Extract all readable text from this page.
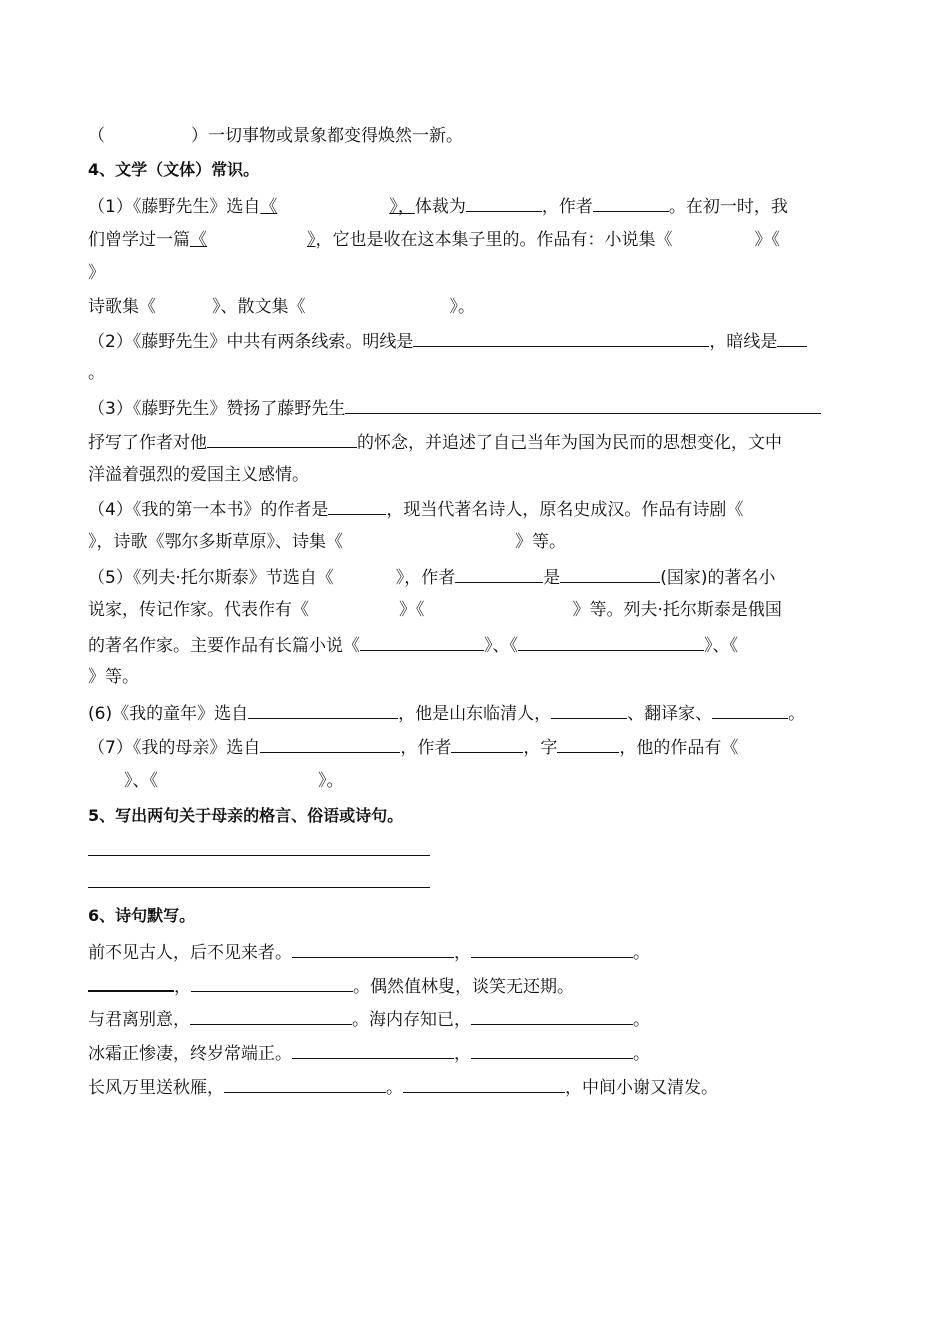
（	）一切事物或景象都变得焕然一新。
4、文学（文体）常识。
（1）《藤野先生》选自《	》，体裁为	，作者	。在初一时，我
们曾学过一篇《	》，它也是收在这本集子里的。作品有：小说集《	》《
》
诗歌集《	》、散文集《	》。
（2）《藤野先生》中共有两条线索。明线是	，暗线是
。
（3）《藤野先生》赞扬了藤野先生
抒写了作者对他	的怀念，并追述了自己当年为国为民而的思想变化，文中
洋溢着强烈的爱国主义感情。
（4）《我的第一本书》的作者是	，现当代著名诗人，原名史成汉。作品有诗剧《
》，诗歌《鄂尔多斯草原》、诗集《	》等。
（5）《列夫·托尔斯泰》节选自《	》，作者	是	(国家)的著名小
说家，传记作家。代表作有《	》《	》等。列夫·托尔斯泰是俄国
的著名作家。主要作品有长篇小说《	》、《	》、《
》等。
(6)《我的童年》选自	，他是山东临清人，	、翻译家、	。
（7）《我的母亲》选自	，作者	，字	，他的作品有《
》、《	》。
5、写出两句关于母亲的格言、俗语或诗句。
6、诗句默写。
前不见古人，后不见来者。	，	。
，	。偶然值林叟，谈笑无还期。
与君离别意，	。海内存知已，	。
冰霜正惨凄，终岁常端正。	，	。
长风万里送秋雁，	。	，中间小谢又清发。
